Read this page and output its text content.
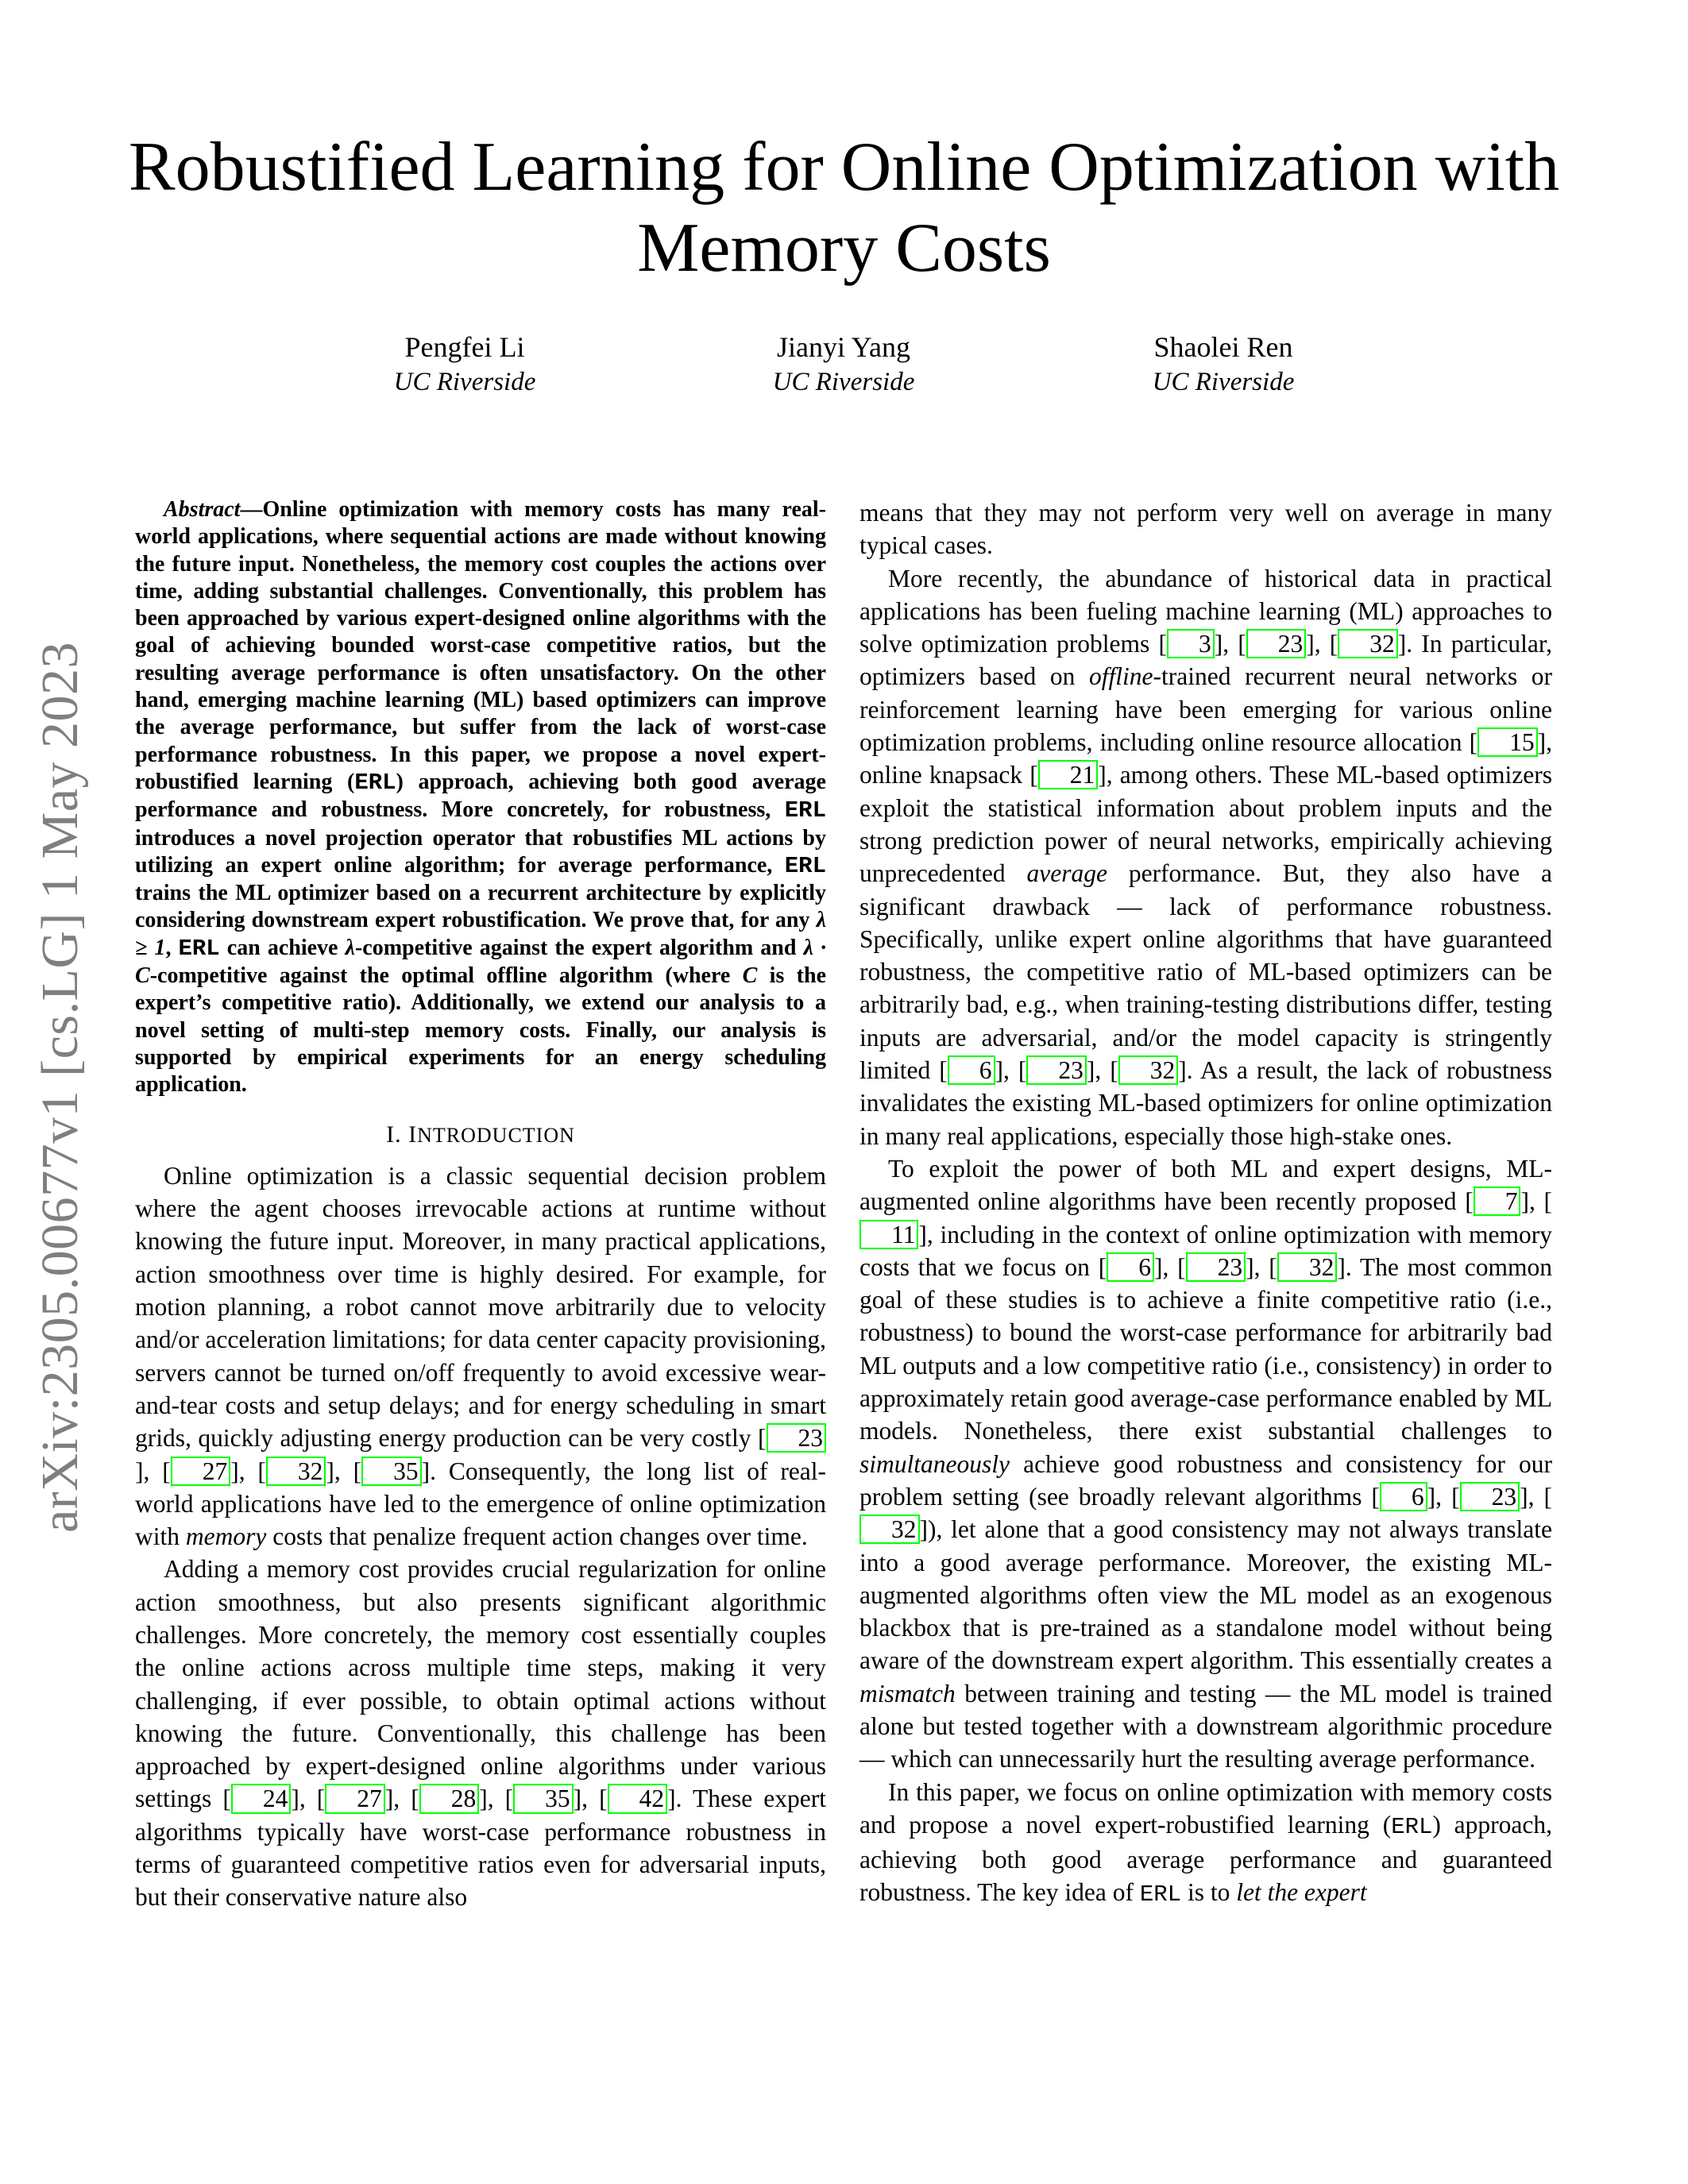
arXiv:2305.00677v1 [cs.LG] 1 May 2023
Robustified Learning for Online Optimization with Memory Costs
Pengfei Li
UC Riverside
Jianyi Yang
UC Riverside
Shaolei Ren
UC Riverside

Abstract—Online optimization with memory costs has many real-world applications, where sequential actions are made without knowing the future input. Nonetheless, the memory cost couples the actions over time, adding substantial challenges. Conventionally, this problem has been approached by various expert-designed online algorithms with the goal of achieving bounded worst-case competitive ratios, but the resulting average performance is often unsatisfactory. On the other hand, emerging machine learning (ML) based optimizers can improve the average performance, but suffer from the lack of worst-case performance robustness. In this paper, we propose a novel expert-robustified learning (ERL) approach, achieving both good average performance and robustness. More concretely, for robustness, ERL introduces a novel projection operator that robustifies ML actions by utilizing an expert online algorithm; for average performance, ERL trains the ML optimizer based on a recurrent architecture by explicitly considering downstream expert robustification. We prove that, for any λ ≥ 1, ERL can achieve λ-competitive against the expert algorithm and λ · C-competitive against the optimal offline algorithm (where C is the expert’s competitive ratio). Additionally, we extend our analysis to a novel setting of multi-step memory costs. Finally, our analysis is supported by empirical experiments for an energy scheduling application.

I. INTRODUCTION

Online optimization is a classic sequential decision problem where the agent chooses irrevocable actions at runtime without knowing the future input. Moreover, in many practical applications, action smoothness over time is highly desired. For example, for motion planning, a robot cannot move arbitrarily due to velocity and/or acceleration limitations; for data center capacity provisioning, servers cannot be turned on/off frequently to avoid excessive wear-and-tear costs and setup delays; and for energy scheduling in smart grids, quickly adjusting energy production can be very costly [ 23], [ 27 ], [ 32 ], [ 35 ]. Consequently, the long list of real-world applications have led to the emergence of online optimization with memory costs that penalize frequent action changes over time.

Adding a memory cost provides crucial regularization for online action smoothness, but also presents significant algorithmic challenges. More concretely, the memory cost essentially couples the online actions across multiple time steps, making it very challenging, if ever possible, to obtain optimal actions without knowing the future. Conventionally, this challenge has been approached by expert-designed online algorithms under various settings [ 24 ], [ 27 ], [ 28 ], [ 35 ], [ 42 ]. These expert algorithms typically have worst-case performance robustness in terms of guaranteed competitive ratios even for adversarial inputs, but their conservative nature also

means that they may not perform very well on average in many typical cases.

More recently, the abundance of historical data in practical applications has been fueling machine learning (ML) approaches to solve optimization problems [ 3 ], [ 23 ], [ 32 ]. In particular, optimizers based on offline-trained recurrent neural networks or reinforcement learning have been emerging for various online optimization problems, including online resource allocation [ 15 ], online knapsack [ 21 ], among others. These ML-based optimizers exploit the statistical information about problem inputs and the strong prediction power of neural networks, empirically achieving unprecedented average performance. But, they also have a significant drawback — lack of performance robustness. Specifically, unlike expert online algorithms that have guaranteed robustness, the competitive ratio of ML-based optimizers can be arbitrarily bad, e.g., when training-testing distributions differ, testing inputs are adversarial, and/or the model capacity is stringently limited [ 6 ], [ 23 ], [ 32 ]. As a result, the lack of robustness invalidates the existing ML-based optimizers for online optimization in many real applications, especially those high-stake ones.

To exploit the power of both ML and expert designs, ML-augmented online algorithms have been recently proposed [ 7 ], [11 ], including in the context of online optimization with memory costs that we focus on [ 6 ], [ 23 ], [ 32 ]. The most common goal of these studies is to achieve a finite competitive ratio (i.e., robustness) to bound the worst-case performance for arbitrarily bad ML outputs and a low competitive ratio (i.e., consistency) in order to approximately retain good average-case performance enabled by ML models. Nonetheless, there exist substantial challenges to simultaneously achieve good robustness and consistency for our problem setting (see broadly relevant algorithms [ 6 ], [ 23 ], [32 ]), let alone that a good consistency may not always translate into a good average performance. Moreover, the existing ML-augmented algorithms often view the ML model as an exogenous blackbox that is pre-trained as a standalone model without being aware of the downstream expert algorithm. This essentially creates a mismatch between training and testing — the ML model is trained alone but tested together with a downstream algorithmic procedure — which can unnecessarily hurt the resulting average performance.

In this paper, we focus on online optimization with memory costs and propose a novel expert-robustified learning (ERL) approach, achieving both good average performance and guaranteed robustness. The key idea of ERL is to let the expert
